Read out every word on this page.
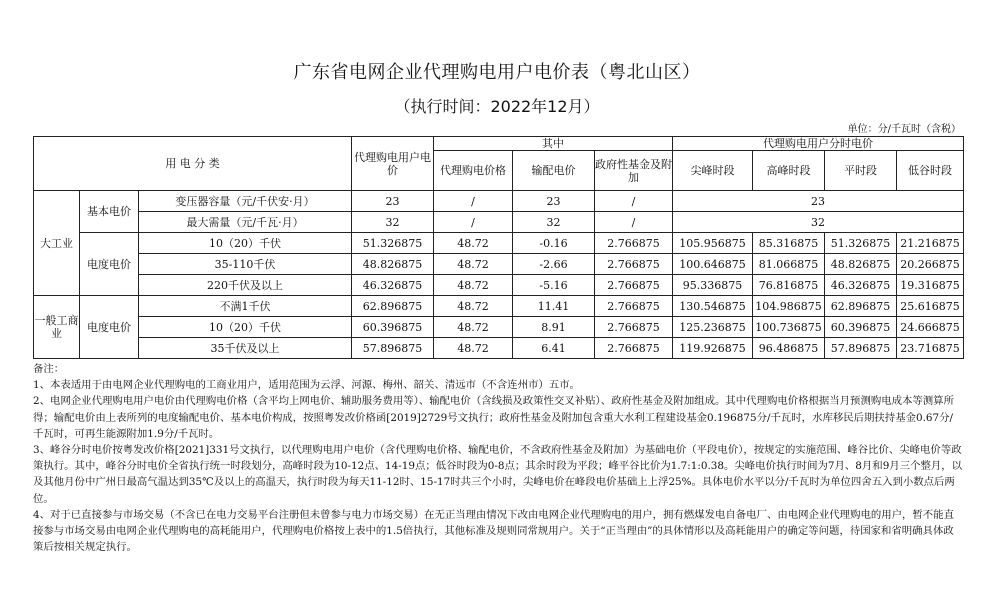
广东省电网企业代理购电用户电价表（粤北山区）
（执行时间：2022年12月）
单位：分/千瓦时（含税）
用 电 分 类			代理购电用户电价	其中			代理购电用户分时电价			
				代理购电价格	输配电价	政府性基金及附加	尖峰时段	高峰时段	平时段	低谷时段
大工业	基本电价	变压器容量（元/千伏安·月）	23	/	23	/	23			
		最大需量（元/千瓦·月）	32	/	32	/	32			
	电度电价	10（20）千伏	51.326875	48.72	-0.16	2.766875	105.956875	85.316875	51.326875	21.216875
		35-110千伏	48.826875	48.72	-2.66	2.766875	100.646875	81.066875	48.826875	20.266875
		220千伏及以上	46.326875	48.72	-5.16	2.766875	95.336875	76.816875	46.326875	19.316875
一般工商业	电度电价	不满1千伏	62.896875	48.72	11.41	2.766875	130.546875	104.986875	62.896875	25.616875
		10（20）千伏	60.396875	48.72	8.91	2.766875	125.236875	100.736875	60.396875	24.666875
		35千伏及以上	57.896875	48.72	6.41	2.766875	119.926875	96.486875	57.896875	23.716875

备注：

1、本表适用于由电网企业代理购电的工商业用户，适用范围为云浮、河源、梅州、韶关、清远市（不含连州市）五市。

2、电网企业代理购电用户电价由代理购电价格（含平均上网电价、辅助服务费用等）、输配电价（含线损及政策性交叉补贴）、政府性基金及附加组成。其中代理购电价格根据当月预测购电成本等测算所得；输配电价由上表所列的电度输配电价、基本电价构成，按照粤发改价格函[2019]2729号文执行；政府性基金及附加包含重大水利工程建设基金0.196875分/千瓦时，水库移民后期扶持基金0.67分/千瓦时，可再生能源附加1.9分/千瓦时。

3、峰谷分时电价按粤发改价格[2021]331号文执行，以代理购电用户电价（含代理购电价格、输配电价，不含政府性基金及附加）为基础电价（平段电价），按规定的实施范围、峰谷比价、尖峰电价等政策执行。其中，峰谷分时电价全省执行统一时段划分，高峰时段为10-12点、14-19点；低谷时段为0-8点；其余时段为平段；峰平谷比价为1.7:1:0.38。尖峰电价执行时间为7月、8月和9月三个整月，以及其他月份中广州日最高气温达到35℃及以上的高温天，执行时段为每天11-12时、15-17时共三个小时，尖峰电价在峰段电价基础上上浮25%。具体电价水平以分/千瓦时为单位四舍五入到小数点后两位。

4、对于已直接参与市场交易（不含已在电力交易平台注册但未曾参与电力市场交易）在无正当理由情况下改由电网企业代理购电的用户，拥有燃煤发电自备电厂、由电网企业代理购电的用户，暂不能直接参与市场交易由电网企业代理购电的高耗能用户，代理购电价格按上表中的1.5倍执行，其他标准及规则同常规用户。关于“正当理由”的具体情形以及高耗能用户的确定等问题，待国家和省明确具体政策后按相关规定执行。
